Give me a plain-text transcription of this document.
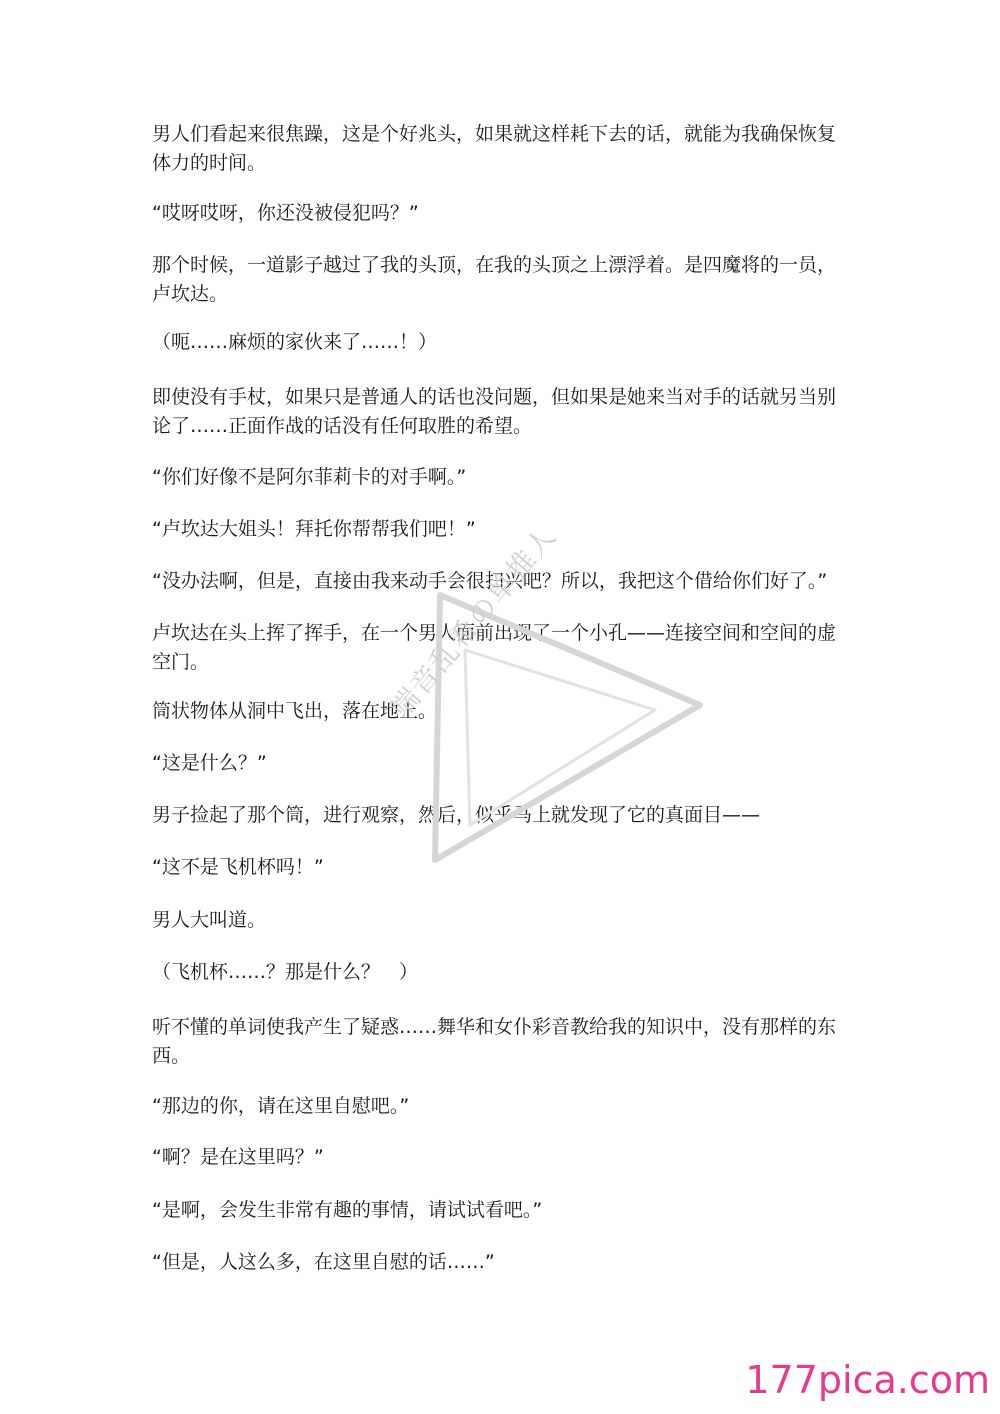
男人们看起来很焦躁，这是个好兆头，如果就这样耗下去的话，就能为我确保恢复体力的时间。

“哎呀哎呀，你还没被侵犯吗？”

那个时候，一道影子越过了我的头顶，在我的头顶之上漂浮着。是四魔将的一员，卢坎达。

（呃……麻烦的家伙来了……！）

即使没有手杖，如果只是普通人的话也没问题，但如果是她来当对手的话就另当别论了……正面作战的话没有任何取胜的希望。

“你们好像不是阿尔菲莉卡的对手啊。”

“卢坎达大姐头！拜托你帮帮我们吧！”

“没办法啊，但是，直接由我来动手会很扫兴吧？所以，我把这个借给你们好了。”

卢坎达在头上挥了挥手，在一个男人面前出现了一个小孔——连接空间和空间的虚空门。

筒状物体从洞中飞出，落在地上。

“这是什么？”

男子捡起了那个筒，进行观察，然后，似乎马上就发现了它的真面目——

“这不是飞机杯吗！”

男人大叫道。

（飞机杯……？那是什么？　）

听不懂的单词使我产生了疑惑……舞华和女仆彩音教给我的知识中，没有那样的东西。

“那边的你，请在这里自慰吧。”

“啊？是在这里吗？”

“是啊，会发生非常有趣的事情，请试试看吧。”

“但是，人这么多，在这里自慰的话……”

端音乱希の单推人
177pica.com
